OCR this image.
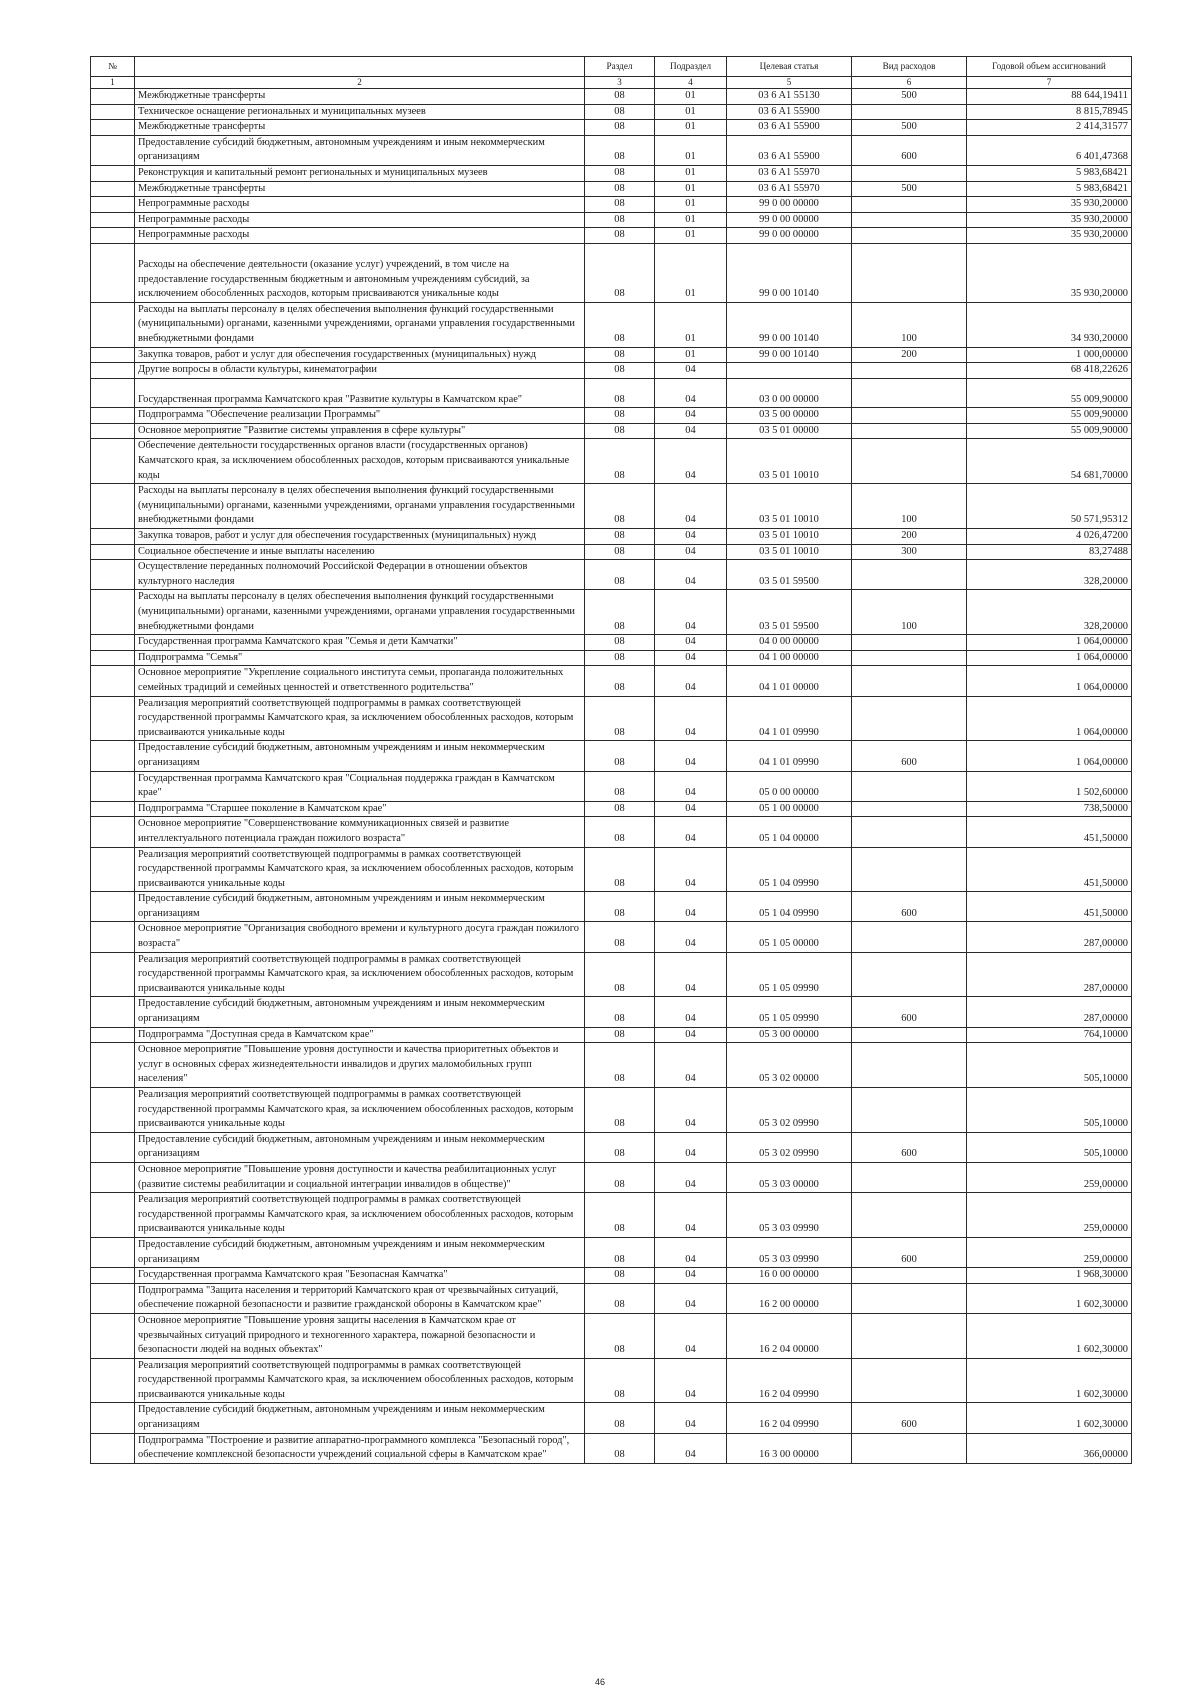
№		Раздел	Подраздел	Целевая статья	Вид расходов	Годовой объем ассигнований
1	2	3	4	5	6	7
	Межбюджетные трансферты	08	01	03 6 A1 55130	500	88 644,19411
	Техническое оснащение региональных и муниципальных музеев	08	01	03 6 A1 55900		8 815,78945
	Межбюджетные трансферты	08	01	03 6 A1 55900	500	2 414,31577
	Предоставление субсидий бюджетным, автономным учреждениям и иным некоммерческим организациям	08	01	03 6 A1 55900	600	6 401,47368
	Реконструкция и капитальный ремонт региональных и муниципальных музеев	08	01	03 6 A1 55970		5 983,68421
	Межбюджетные трансферты	08	01	03 6 A1 55970	500	5 983,68421
	Непрограммные расходы	08	01	99 0 00 00000		35 930,20000
	Непрограммные расходы	08	01	99 0 00 00000		35 930,20000
	Непрограммные расходы	08	01	99 0 00 00000		35 930,20000
	Расходы на обеспечение деятельности (оказание услуг) учреждений, в том числе на предоставление государственным бюджетным и автономным учреждениям субсидий, за исключением обособленных расходов, которым присваиваются уникальные коды	08	01	99 0 00 10140		35 930,20000
	Расходы на выплаты персоналу в целях обеспечения выполнения функций государственными (муниципальными) органами, казенными учреждениями, органами управления государственными внебюджетными фондами	08	01	99 0 00 10140	100	34 930,20000
	Закупка товаров, работ и услуг для обеспечения государственных (муниципальных) нужд	08	01	99 0 00 10140	200	1 000,00000
	Другие вопросы в области культуры, кинематографии	08	04			68 418,22626
	Государственная программа Камчатского края "Развитие культуры в Камчатском крае"	08	04	03 0 00 00000		55 009,90000
	Подпрограмма "Обеспечение реализации Программы"	08	04	03 5 00 00000		55 009,90000
	Основное мероприятие "Развитие системы управления в сфере культуры"	08	04	03 5 01 00000		55 009,90000
	Обеспечение деятельности государственных органов власти (государственных органов) Камчатского края, за исключением обособленных расходов, которым присваиваются уникальные коды	08	04	03 5 01 10010		54 681,70000
	Расходы на выплаты персоналу в целях обеспечения выполнения функций государственными (муниципальными) органами, казенными учреждениями, органами управления государственными внебюджетными фондами	08	04	03 5 01 10010	100	50 571,95312
	Закупка товаров, работ и услуг для обеспечения государственных (муниципальных) нужд	08	04	03 5 01 10010	200	4 026,47200
	Социальное обеспечение и иные выплаты населению	08	04	03 5 01 10010	300	83,27488
	Осуществление переданных полномочий Российской Федерации в отношении объектов культурного наследия	08	04	03 5 01 59500		328,20000
	Расходы на выплаты персоналу в целях обеспечения выполнения функций государственными (муниципальными) органами, казенными учреждениями, органами управления государственными внебюджетными фондами	08	04	03 5 01 59500	100	328,20000
	Государственная программа Камчатского края "Семья и дети Камчатки"	08	04	04 0 00 00000		1 064,00000
	Подпрограмма "Семья"	08	04	04 1 00 00000		1 064,00000
	Основное мероприятие "Укрепление социального института семьи, пропаганда положительных семейных традиций и семейных ценностей и ответственного родительства"	08	04	04 1 01 00000		1 064,00000
	Реализация мероприятий соответствующей подпрограммы в рамках соответствующей государственной программы Камчатского края, за исключением обособленных расходов, которым присваиваются уникальные коды	08	04	04 1 01 09990		1 064,00000
	Предоставление субсидий бюджетным, автономным учреждениям и иным некоммерческим организациям	08	04	04 1 01 09990	600	1 064,00000
	Государственная программа Камчатского края "Социальная поддержка граждан в Камчатском крае"	08	04	05 0 00 00000		1 502,60000
	Подпрограмма "Старшее поколение в Камчатском крае"	08	04	05 1 00 00000		738,50000
	Основное мероприятие "Совершенствование коммуникационных связей и развитие интеллектуального потенциала граждан пожилого возраста"	08	04	05 1 04 00000		451,50000
	Реализация мероприятий соответствующей подпрограммы в рамках соответствующей государственной программы Камчатского края, за исключением обособленных расходов, которым присваиваются уникальные коды	08	04	05 1 04 09990		451,50000
	Предоставление субсидий бюджетным, автономным учреждениям и иным некоммерческим организациям	08	04	05 1 04 09990	600	451,50000
	Основное мероприятие "Организация свободного времени и культурного досуга граждан пожилого возраста"	08	04	05 1 05 00000		287,00000
	Реализация мероприятий соответствующей подпрограммы в рамках соответствующей государственной программы Камчатского края, за исключением обособленных расходов, которым присваиваются уникальные коды	08	04	05 1 05 09990		287,00000
	Предоставление субсидий бюджетным, автономным учреждениям и иным некоммерческим организациям	08	04	05 1 05 09990	600	287,00000
	Подпрограмма "Доступная среда в Камчатском крае"	08	04	05 3 00 00000		764,10000
	Основное мероприятие "Повышение уровня доступности и качества приоритетных объектов и услуг в основных сферах жизнедеятельности инвалидов и других маломобильных групп населения"	08	04	05 3 02 00000		505,10000
	Реализация мероприятий соответствующей подпрограммы в рамках соответствующей государственной программы Камчатского края, за исключением обособленных расходов, которым присваиваются уникальные коды	08	04	05 3 02 09990		505,10000
	Предоставление субсидий бюджетным, автономным учреждениям и иным некоммерческим организациям	08	04	05 3 02 09990	600	505,10000
	Основное мероприятие "Повышение уровня доступности и качества реабилитационных услуг (развитие системы реабилитации и социальной интеграции инвалидов в обществе)"	08	04	05 3 03 00000		259,00000
	Реализация мероприятий соответствующей подпрограммы в рамках соответствующей государственной программы Камчатского края, за исключением обособленных расходов, которым присваиваются уникальные коды	08	04	05 3 03 09990		259,00000
	Предоставление субсидий бюджетным, автономным учреждениям и иным некоммерческим организациям	08	04	05 3 03 09990	600	259,00000
	Государственная программа Камчатского края "Безопасная Камчатка"	08	04	16 0 00 00000		1 968,30000
	Подпрограмма "Защита населения и территорий Камчатского края от чрезвычайных ситуаций, обеспечение пожарной безопасности и развитие гражданской обороны в Камчатском крае"	08	04	16 2 00 00000		1 602,30000
	Основное мероприятие "Повышение уровня защиты населения в Камчатском крае от чрезвычайных ситуаций природного и техногенного характера, пожарной безопасности и безопасности людей на водных объектах"	08	04	16 2 04 00000		1 602,30000
	Реализация мероприятий соответствующей подпрограммы в рамках соответствующей государственной программы Камчатского края, за исключением обособленных расходов, которым присваиваются уникальные коды	08	04	16 2 04 09990		1 602,30000
	Предоставление субсидий бюджетным, автономным учреждениям и иным некоммерческим организациям	08	04	16 2 04 09990	600	1 602,30000
	Подпрограмма "Построение и развитие аппаратно-программного комплекса "Безопасный город", обеспечение комплексной безопасности учреждений социальной сферы в Камчатском крае"	08	04	16 3 00 00000		366,00000
46
